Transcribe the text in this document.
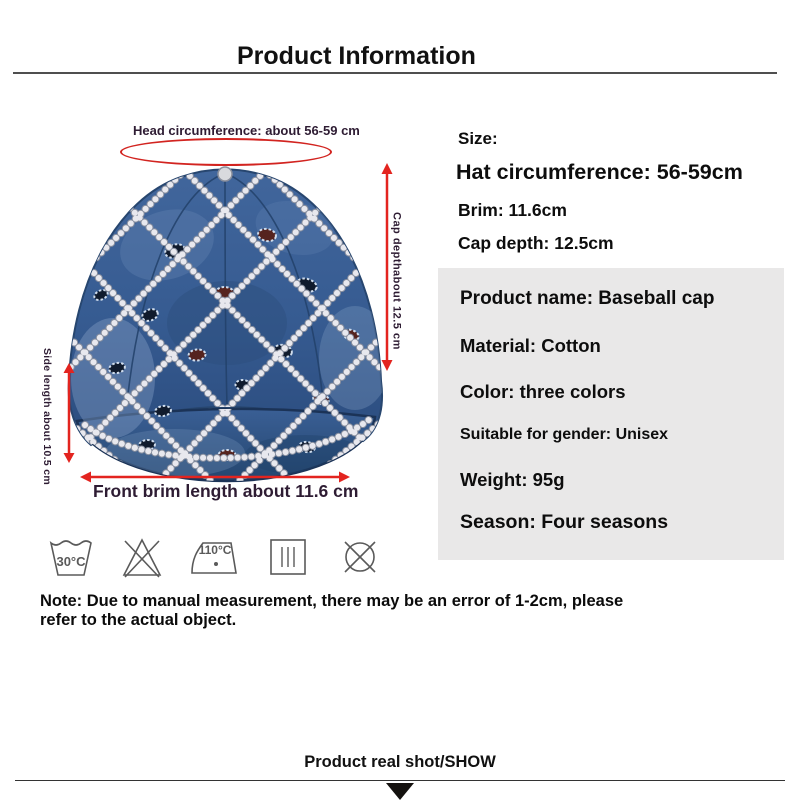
Product Information
Head circumference: about 56-59 cm
Cap depth
about 12.5 cm
Side length about 10.5 cm
Front brim length about 11.6 cm
Size:
Hat circumference: 56-59cm
Brim: 11.6cm
Cap depth: 12.5cm
Product name: Baseball cap
Material: Cotton
Color: three colors
Suitable for gender: Unisex
Weight: 95g
Season: Four seasons
30°C
110°C
Note: Due to manual measurement, there may be an error of 1-2cm, please refer to the actual object.
Product real shot/SHOW
